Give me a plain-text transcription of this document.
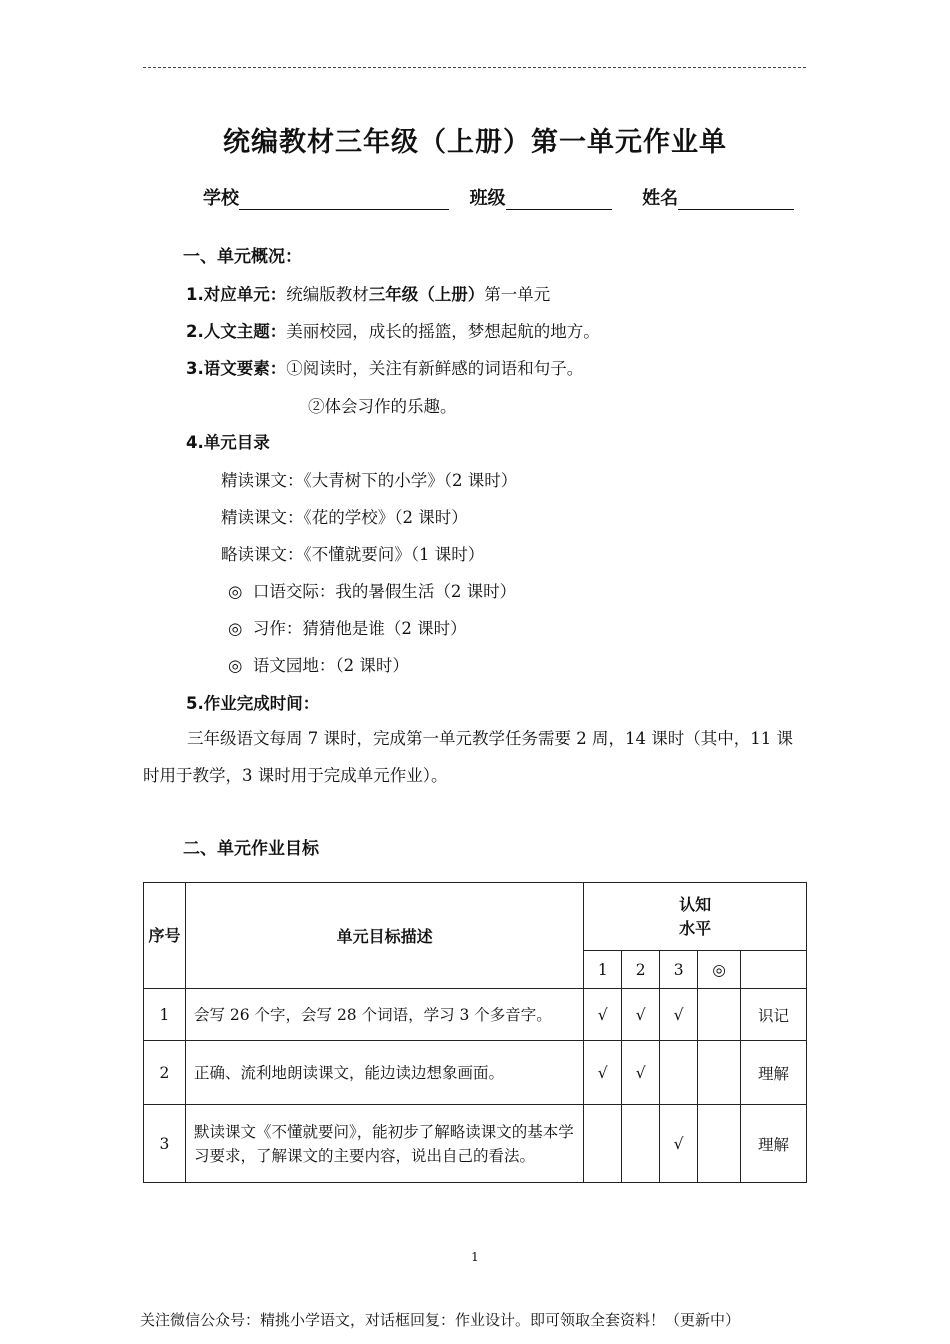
统编教材三年级（上册）第一单元作业单
学校	班级	姓名
一、单元概况：
1.对应单元：统编版教材三年级（上册）第一单元
2.人文主题：美丽校园，成长的摇篮，梦想起航的地方。
3.语文要素：①阅读时，关注有新鲜感的词语和句子。
②体会习作的乐趣。
4.单元目录
精读课文：《大青树下的小学》（2 课时）
精读课文：《花的学校》（2 课时）
略读课文：《不懂就要问》（1 课时）
◎  口语交际：我的暑假生活（2 课时）
◎  习作：猜猜他是谁（2 课时）
◎  语文园地：（2 课时）
5.作业完成时间：
三年级语文每周 7 课时，完成第一单元教学任务需要 2 周，14 课时（其中，11 课时用于教学，3 课时用于完成单元作业）。
二、单元作业目标
序号	单元目标描述	认知
水平				

		1	2	3	◎	
1	会写 26 个字，会写 28 个词语，学习 3 个多音字。	√	√	√		识记
2	正确、流利地朗读课文，能边读边想象画面。	√	√			理解
3	默读课文《不懂就要问》，能初步了解略读课文的基本学习要求，了解课文的主要内容，说出自己的看法。			√		理解
1
关注微信公众号：精挑小学语文，对话框回复：作业设计。即可领取全套资料！（更新中）
